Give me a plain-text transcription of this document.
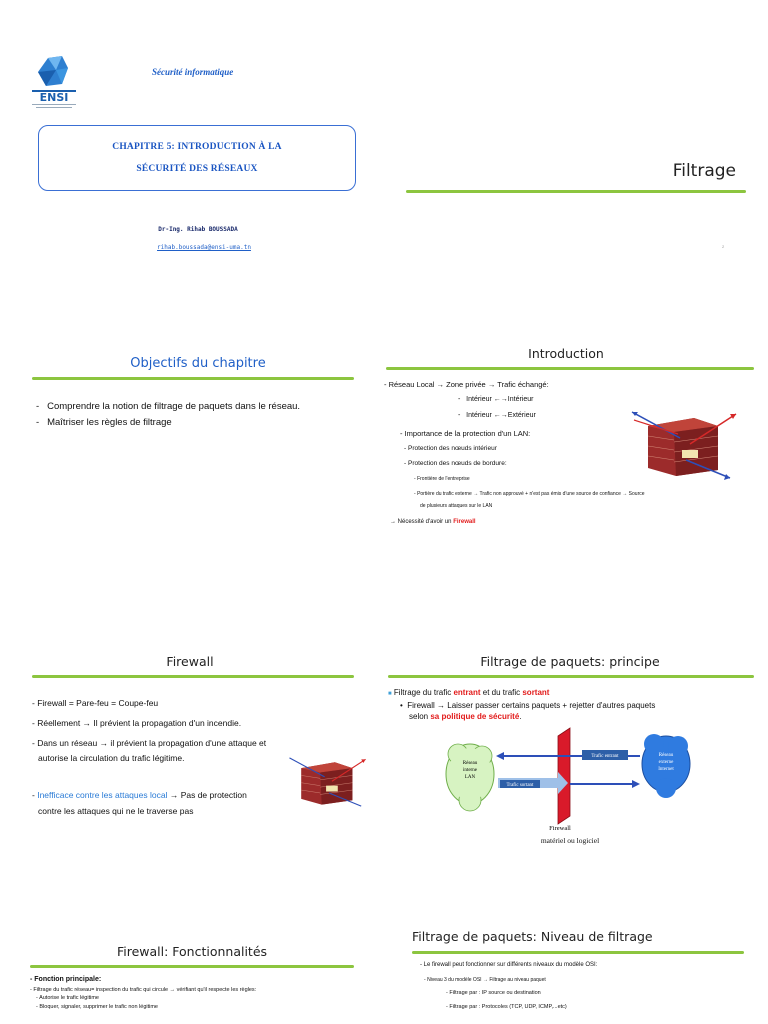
ENSI
Sécurité informatique
CHAPITRE 5: INTRODUCTION À LA
SÉCURITÉ DES RÉSEAUX
Dr-Ing. Rihab BOUSSADA
rihab.boussada@ensi-uma.tn
Filtrage
2
Objectifs du chapitre
-   Comprendre la notion de filtrage de paquets dans le réseau.
-   Maîtriser les règles de filtrage
Introduction
- Réseau Local → Zone privée → Trafic échangé:
-   Intérieur ←→Intérieur
-   Intérieur ←→Extérieur
- Importance de la protection d'un LAN:
- Protection des nœuds intérieur
- Protection des nœuds de bordure:
- Frontière de l'entreprise
- Portière du trafic externe → Trafic non approuvé + n'est pas émis d'une source de confiance → Source
de plusieurs attaques sur le LAN
→ Nécessité d'avoir un Firewall
Firewall
- Firewall = Pare-feu = Coupe-feu
- Réellement → Il prévient la propagation d'un incendie.
- Dans un réseau → il prévient la propagation d'une attaque et
autorise la circulation du trafic légitime.
- Inefficace contre les attaques local → Pas de protection
contre les attaques qui ne le traverse pas
Filtrage de paquets: principe
■ Filtrage du trafic entrant et du trafic sortant
•  Firewall → Laisser passer certains paquets + rejetter d'autres paquets
selon sa politique de sécurité.
Réseau
interne
LAN
Réseau
externe
Internet
Trafic entrant
Trafic sortant
Firewall
matériel ou logiciel
Firewall: Fonctionnalités
- Fonction principale:
- Filtrage du trafic réseau= inspection du trafic qui circule → vérifiant qu'il respecte les règles:
- Autorise le trafic légitime
- Bloquer, signaler, supprimer le trafic non légitime
Filtrage de paquets: Niveau de filtrage
- Le firewall peut fonctionner sur différents niveaux du modèle OSI:
- Niveau 3 du modèle OSI → Filtrage au niveau paquet
- Filtrage par : IP source ou destination
- Filtrage par : Protocoles (TCP, UDP, ICMP,...etc)
